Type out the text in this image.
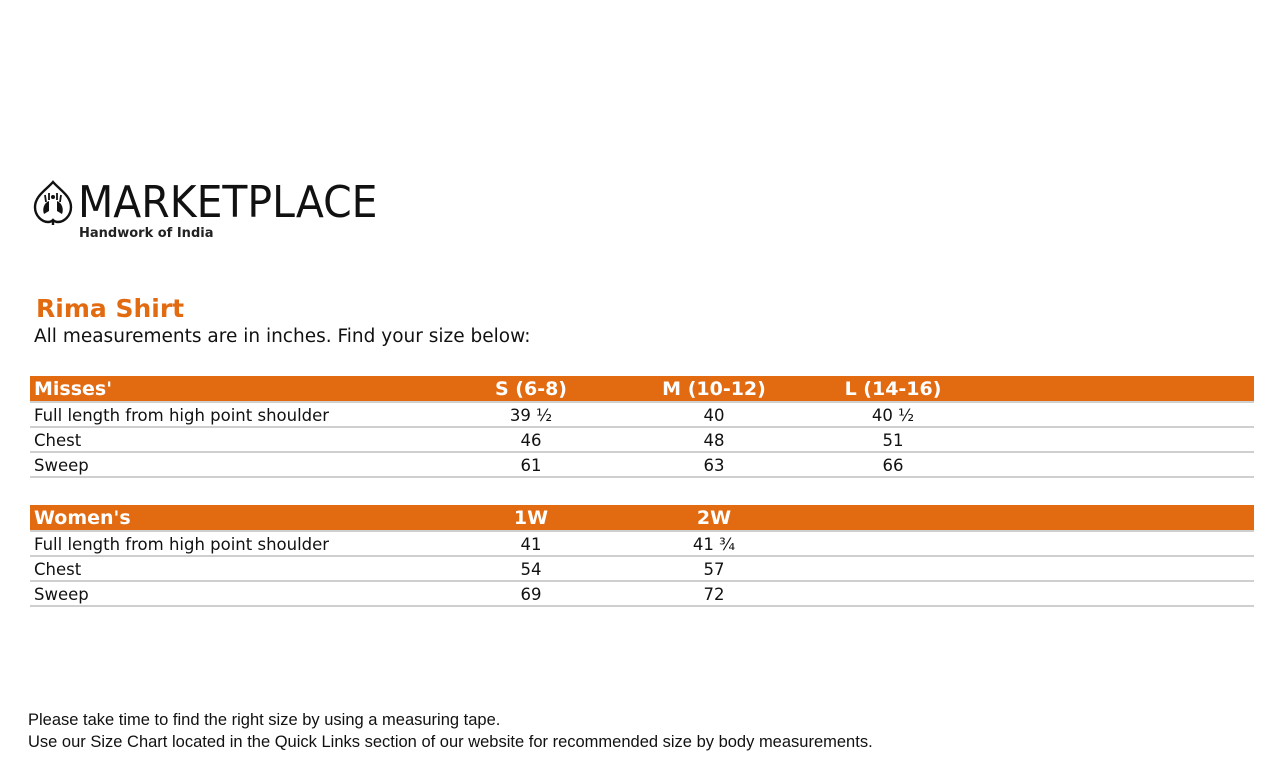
MARKETPLACE
Handwork of India
Rima Shirt
All measurements are in inches. Find your size below:
Misses'	S (6-8)	M (10-12)	L (14-16)
Full length from high point shoulder	39 ½	40	40 ½
Chest	46	48	51
Sweep	61	63	66
Women's	1W	2W
Full length from high point shoulder	41	41 ¾
Chest	54	57
Sweep	69	72
Please take time to find the right size by using a measuring tape.
Use our Size Chart located in the Quick Links section of our website for recommended size by body measurements.
